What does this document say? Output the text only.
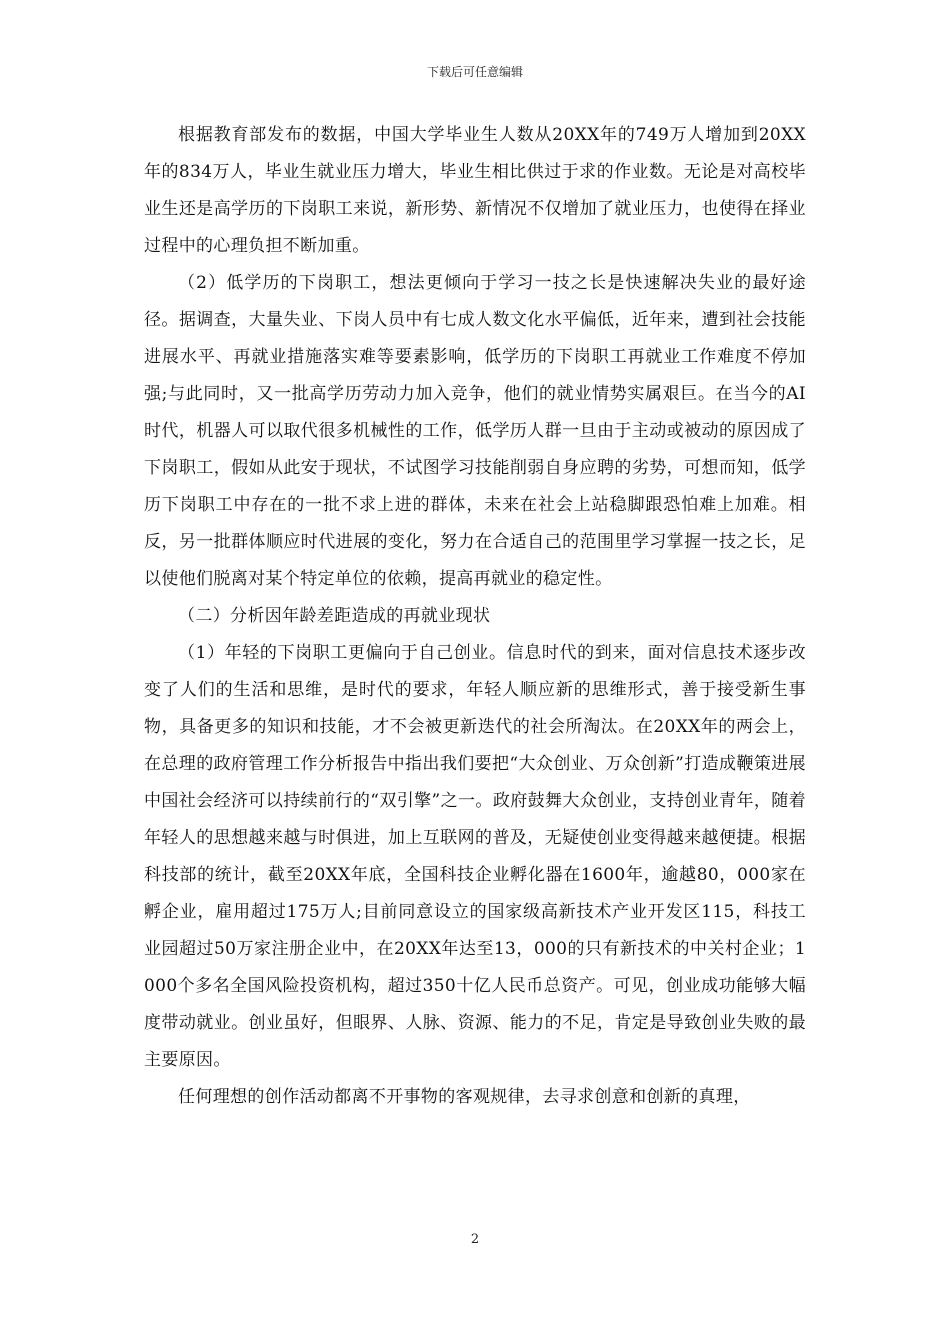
下载后可任意编辑

根据教育部发布的数据，中国大学毕业生人数从20XX年的749万人增加到20XX年的834万人，毕业生就业压力增大，毕业生相比供过于求的作业数。无论是对高校毕业生还是高学历的下岗职工来说，新形势、新情况不仅增加了就业压力，也使得在择业过程中的心理负担不断加重。

（2）低学历的下岗职工，想法更倾向于学习一技之长是快速解决失业的最好途径。据调查，大量失业、下岗人员中有七成人数文化水平偏低，近年来，遭到社会技能进展水平、再就业措施落实难等要素影响，低学历的下岗职工再就业工作难度不停加强;与此同时，又一批高学历劳动力加入竞争，他们的就业情势实属艰巨。在当今的AI时代，机器人可以取代很多机械性的工作，低学历人群一旦由于主动或被动的原因成了下岗职工，假如从此安于现状，不试图学习技能削弱自身应聘的劣势，可想而知，低学历下岗职工中存在的一批不求上进的群体，未来在社会上站稳脚跟恐怕难上加难。相反，另一批群体顺应时代进展的变化，努力在合适自己的范围里学习掌握一技之长，足以使他们脱离对某个特定单位的依赖，提高再就业的稳定性。

（二）分析因年龄差距造成的再就业现状

（1）年轻的下岗职工更偏向于自己创业。信息时代的到来，面对信息技术逐步改变了人们的生活和思维，是时代的要求，年轻人顺应新的思维形式，善于接受新生事物，具备更多的知识和技能，才不会被更新迭代的社会所淘汰。在20XX年的两会上，在总理的政府管理工作分析报告中指出我们要把“大众创业、万众创新”打造成鞭策进展中国社会经济可以持续前行的“双引擎”之一。政府鼓舞大众创业，支持创业青年，随着年轻人的思想越来越与时俱进，加上互联网的普及，无疑使创业变得越来越便捷。根据科技部的统计，截至20XX年底，全国科技企业孵化器在1600年，逾越80，000家在孵企业，雇用超过175万人;目前同意设立的国家级高新技术产业开发区115，科技工业园超过50万家注册企业中，在20XX年达至13，000的只有新技术的中关村企业；1000个多名全国风险投资机构，超过350十亿人民币总资产。可见，创业成功能够大幅度带动就业。创业虽好，但眼界、人脉、资源、能力的不足，肯定是导致创业失败的最主要原因。

任何理想的创作活动都离不开事物的客观规律，去寻求创意和创新的真理，

2
